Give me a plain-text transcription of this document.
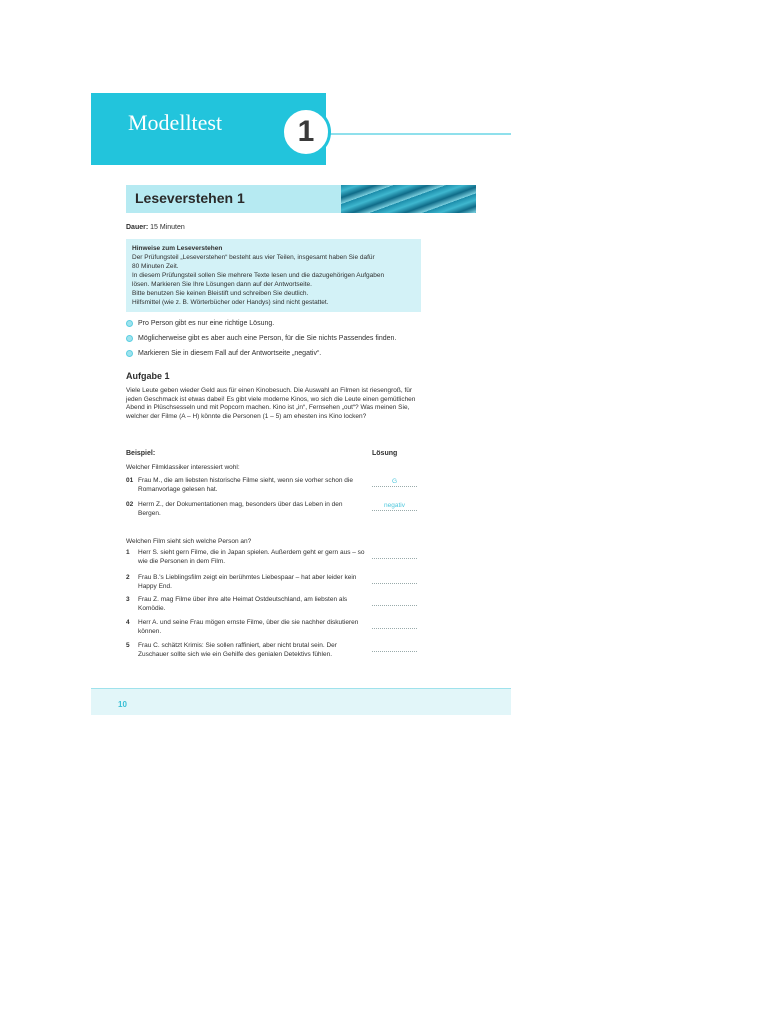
Modelltest	1
Leseverstehen 1
Dauer: 15 Minuten
Hinweise zum Leseverstehen
Der Prüfungsteil „Leseverstehen“ besteht aus vier Teilen, insgesamt haben Sie dafür
80 Minuten Zeit.
In diesem Prüfungsteil sollen Sie mehrere Texte lesen und die dazugehörigen Aufgaben
lösen. Markieren Sie Ihre Lösungen dann auf der Antwortseite.
Bitte benutzen Sie keinen Bleistift und schreiben Sie deutlich.
Hilfsmittel (wie z. B. Wörterbücher oder Handys) sind nicht gestattet.
Pro Person gibt es nur eine richtige Lösung.
Möglicherweise gibt es aber auch eine Person, für die Sie nichts Passendes finden.
Markieren Sie in diesem Fall auf der Antwortseite „negativ“.
Aufgabe 1
Viele Leute geben wieder Geld aus für einen Kinobesuch. Die Auswahl an Filmen ist riesengroß, für jeden Geschmack ist etwas dabei! Es gibt viele moderne Kinos, wo sich die Leute einen gemütlichen Abend in Plüschsesseln und mit Popcorn machen. Kino ist „in“, Fernsehen „out“? Was meinen Sie, welcher der Filme (A – H) könnte die Personen (1 – 5) am ehesten ins Kino locken?
Beispiel:	Lösung
Welcher Filmklassiker interessiert wohl:
01 Frau M., die am liebsten historische Filme sieht, wenn sie vorher schon die Romanvorlage gelesen hat.
G
02 Herrn Z., der Dokumentationen mag, besonders über das Leben in den Bergen.
negativ
Welchen Film sieht sich welche Person an?
1 Herr S. sieht gern Filme, die in Japan spielen. Außerdem geht er gern aus – so wie die Personen in dem Film.
2 Frau B.'s Lieblingsfilm zeigt ein berühmtes Liebespaar – hat aber leider kein Happy End.
3 Frau Z. mag Filme über ihre alte Heimat Ostdeutschland, am liebsten als Komödie.
4 Herr A. und seine Frau mögen ernste Filme, über die sie nachher diskutieren können.
5 Frau C. schätzt Krimis: Sie sollen raffiniert, aber nicht brutal sein. Der Zuschauer sollte sich wie ein Gehilfe des genialen Detektivs fühlen.
10
